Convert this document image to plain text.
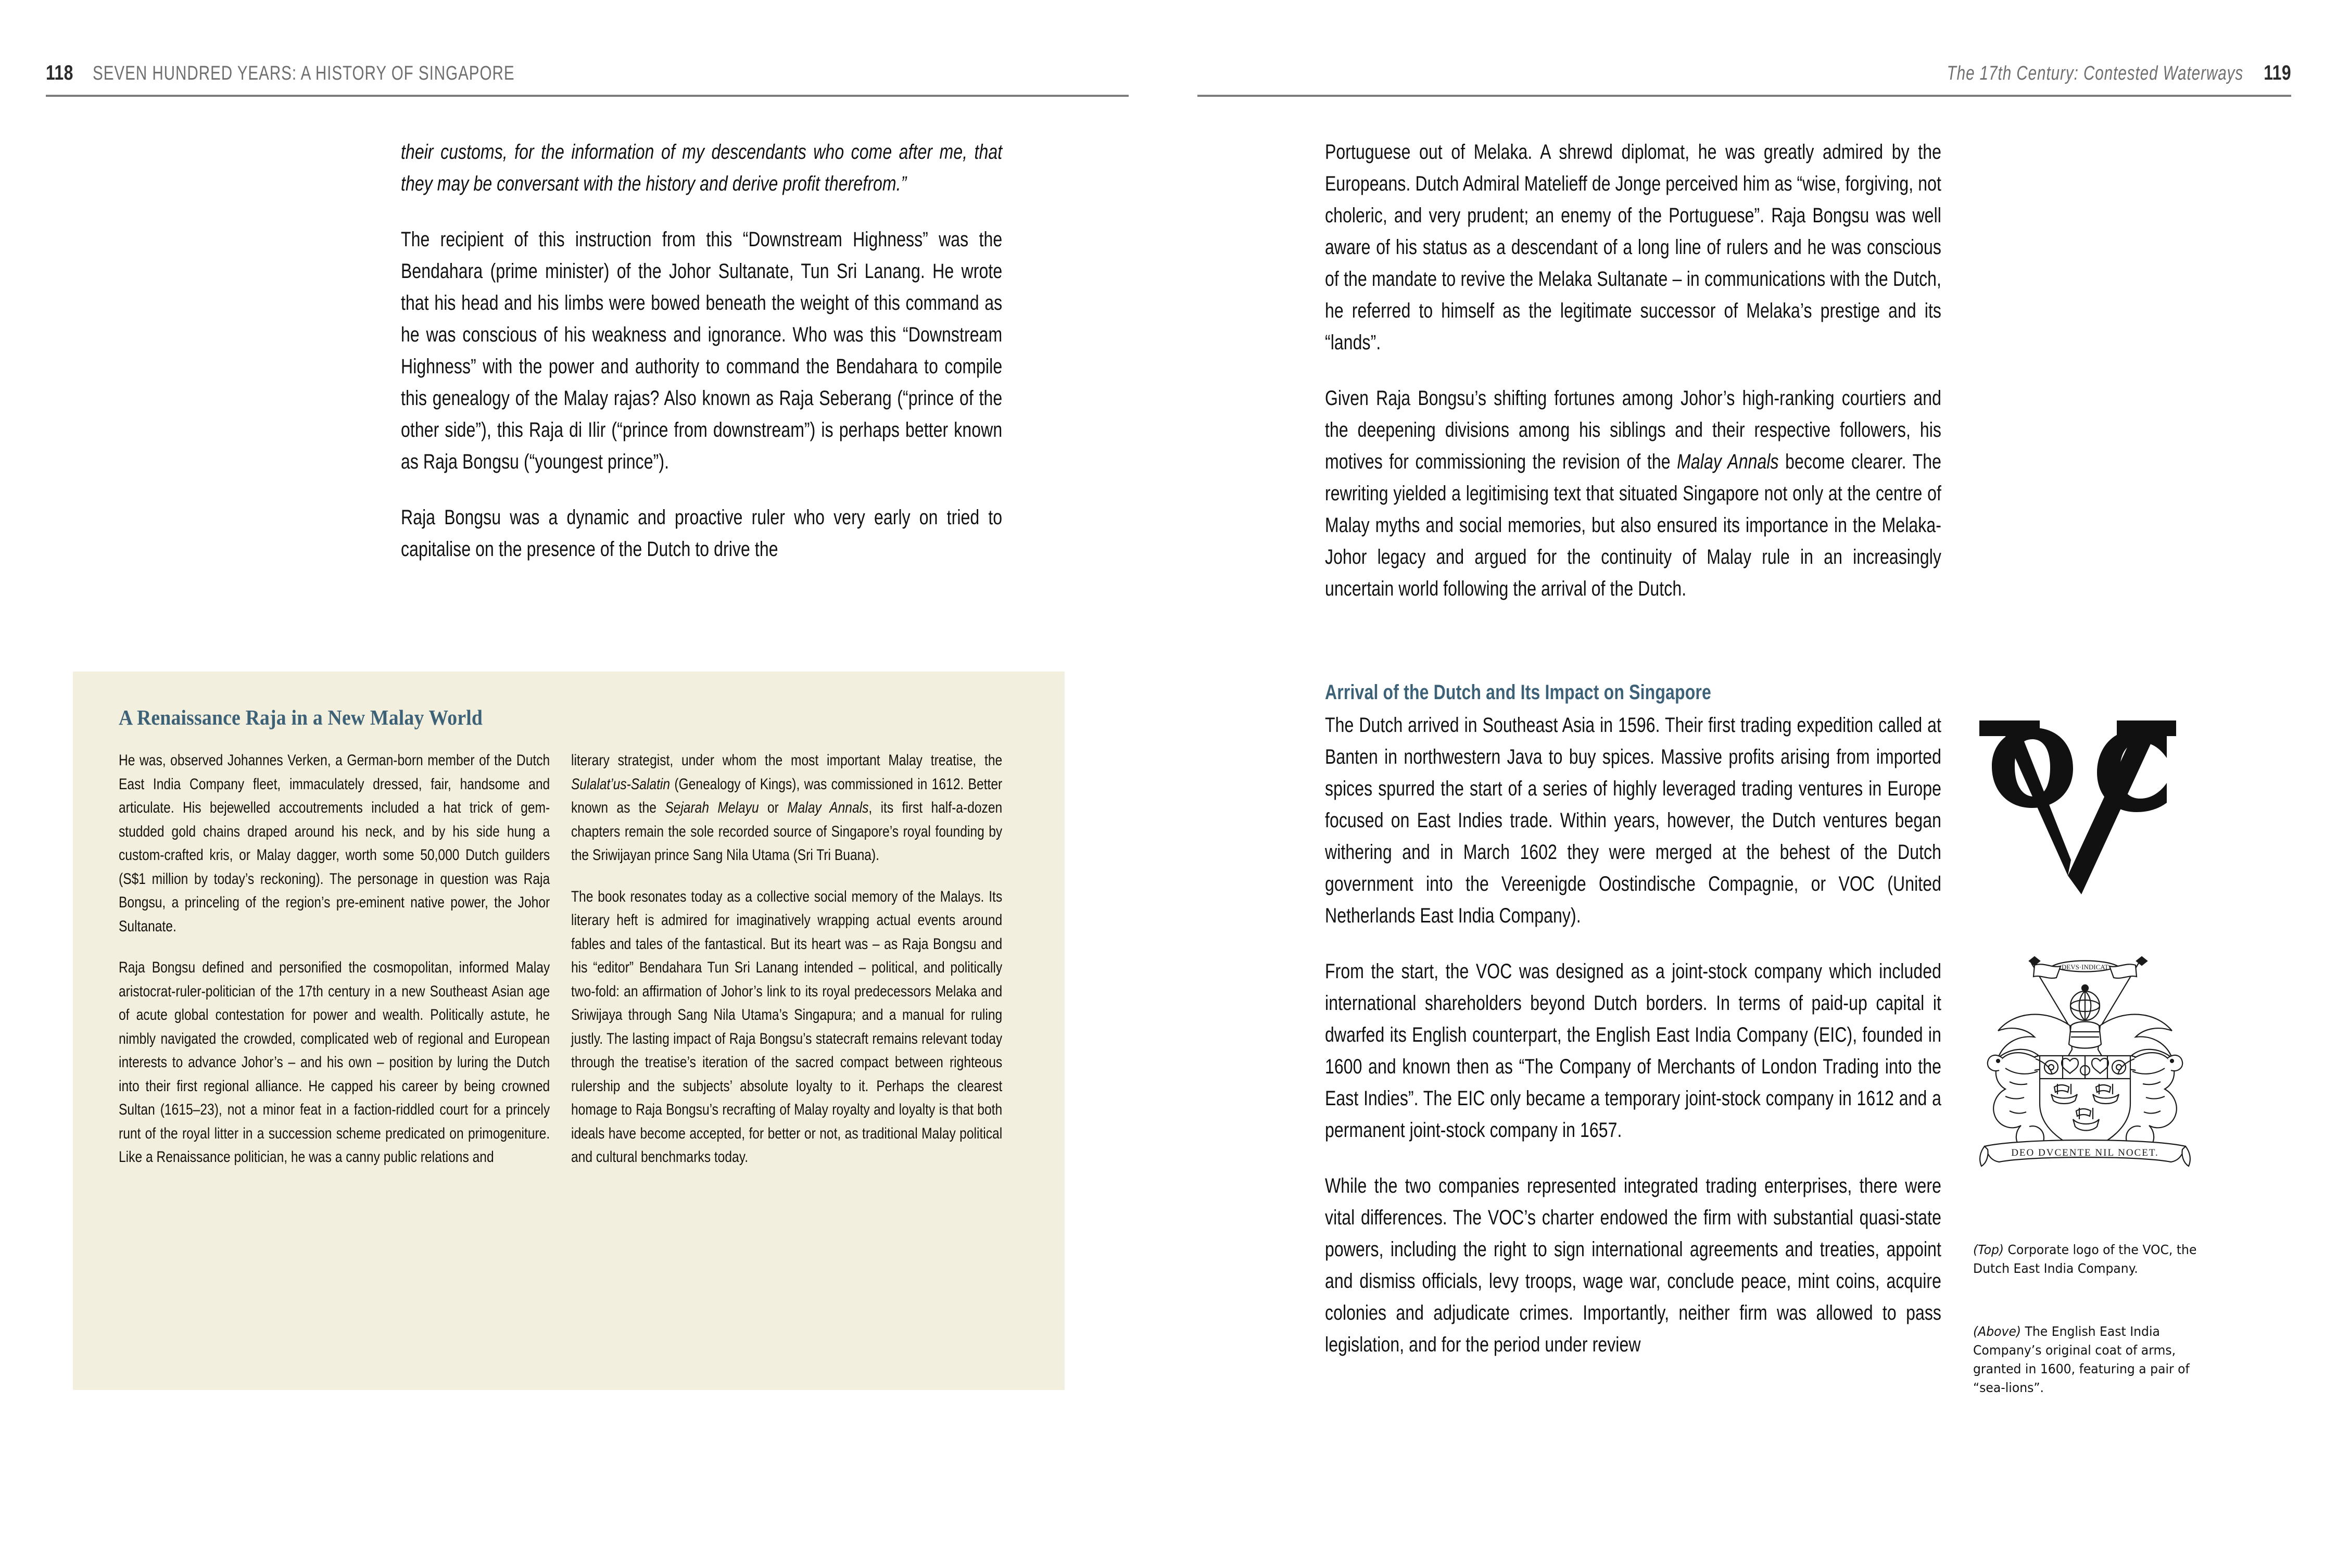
118 SEVEN HUNDRED YEARS: A HISTORY OF SINGAPORE	The 17th Century: Contested Waterways 119

their customs, for the information of my descendants who come after me, that they may be conversant with the history and derive profit therefrom.”

The recipient of this instruction from this “Downstream Highness” was the Bendahara (prime minister) of the Johor Sultanate, Tun Sri Lanang. He wrote that his head and his limbs were bowed beneath the weight of this command as he was conscious of his weakness and ignorance. Who was this “Downstream Highness” with the power and authority to command the Bendahara to compile this genealogy of the Malay rajas? Also known as Raja Seberang (“prince of the other side”), this Raja di Ilir (“prince from downstream”) is perhaps better known as Raja Bongsu (“youngest prince”).

Raja Bongsu was a dynamic and proactive ruler who very early on tried to capitalise on the presence of the Dutch to drive the

A Renaissance Raja in a New Malay World

He was, observed Johannes Verken, a German-born member of the Dutch East India Company fleet, immaculately dressed, fair, handsome and articulate. His bejewelled accoutrements included a hat trick of gem-studded gold chains draped around his neck, and by his side hung a custom-crafted kris, or Malay dagger, worth some 50,000 Dutch guilders (S$1 million by today’s reckoning). The personage in question was Raja Bongsu, a princeling of the region’s pre-eminent native power, the Johor Sultanate.

Raja Bongsu defined and personified the cosmopolitan, informed Malay aristocrat-ruler-politician of the 17th century in a new Southeast Asian age of acute global contestation for power and wealth. Politically astute, he nimbly navigated the crowded, complicated web of regional and European interests to advance Johor’s – and his own – position by luring the Dutch into their first regional alliance. He capped his career by being crowned Sultan (1615–23), not a minor feat in a faction-riddled court for a princely runt of the royal litter in a succession scheme predicated on primogeniture. Like a Renaissance politician, he was a canny public relations and

literary strategist, under whom the most important Malay treatise, the Sulalat’us-Salatin (Genealogy of Kings), was commissioned in 1612. Better known as the Sejarah Melayu or Malay Annals, its first half-a-dozen chapters remain the sole recorded source of Singapore’s royal founding by the Sriwijayan prince Sang Nila Utama (Sri Tri Buana).

The book resonates today as a collective social memory of the Malays. Its literary heft is admired for imaginatively wrapping actual events around fables and tales of the fantastical. But its heart was – as Raja Bongsu and his “editor” Bendahara Tun Sri Lanang intended – political, and politically two-fold: an affirmation of Johor’s link to its royal predecessors Melaka and Sriwijaya through Sang Nila Utama’s Singapura; and a manual for ruling justly. The lasting impact of Raja Bongsu’s statecraft remains relevant today through the treatise’s iteration of the sacred compact between righteous rulership and the subjects’ absolute loyalty to it. Perhaps the clearest homage to Raja Bongsu’s recrafting of Malay royalty and loyalty is that both ideals have become accepted, for better or not, as traditional Malay political and cultural benchmarks today.

Portuguese out of Melaka. A shrewd diplomat, he was greatly admired by the Europeans. Dutch Admiral Matelieff de Jonge perceived him as “wise, forgiving, not choleric, and very prudent; an enemy of the Portuguese”. Raja Bongsu was well aware of his status as a descendant of a long line of rulers and he was conscious of the mandate to revive the Melaka Sultanate – in communications with the Dutch, he referred to himself as the legitimate successor of Melaka’s prestige and its “lands”.

Given Raja Bongsu’s shifting fortunes among Johor’s high-ranking courtiers and the deepening divisions among his siblings and their respective followers, his motives for commissioning the revision of the Malay Annals become clearer. The rewriting yielded a legitimising text that situated Singapore not only at the centre of Malay myths and social memories, but also ensured its importance in the Melaka-Johor legacy and argued for the continuity of Malay rule in an increasingly uncertain world following the arrival of the Dutch.

Arrival of the Dutch and Its Impact on Singapore

The Dutch arrived in Southeast Asia in 1596. Their first trading expedition called at Banten in northwestern Java to buy spices. Massive profits arising from imported spices spurred the start of a series of highly leveraged trading ventures in Europe focused on East Indies trade. Within years, however, the Dutch ventures began withering and in March 1602 they were merged at the behest of the Dutch government into the Vereenigde Oostindische Compagnie, or VOC (United Netherlands East India Company).

From the start, the VOC was designed as a joint-stock company which included international shareholders beyond Dutch borders. In terms of paid-up capital it dwarfed its English counterpart, the English East India Company (EIC), founded in 1600 and known then as “The Company of Merchants of London Trading into the East Indies”. The EIC only became a temporary joint-stock company in 1612 and a permanent joint-stock company in 1657.

While the two companies represented integrated trading enterprises, there were vital differences. The VOC’s charter endowed the firm with substantial quasi-state powers, including the right to sign international agreements and treaties, appoint and dismiss officials, levy troops, wage war, conclude peace, mint coins, acquire colonies and adjudicate crimes. Importantly, neither firm was allowed to pass legislation, and for the period under review

DEVS·INDICAT
DEO DVCENTE NIL NOCET.
(Top) Corporate logo of the VOC, the Dutch East India Company.
(Above) The English East India Company’s original coat of arms, granted in 1600, featuring a pair of “sea-lions”.
